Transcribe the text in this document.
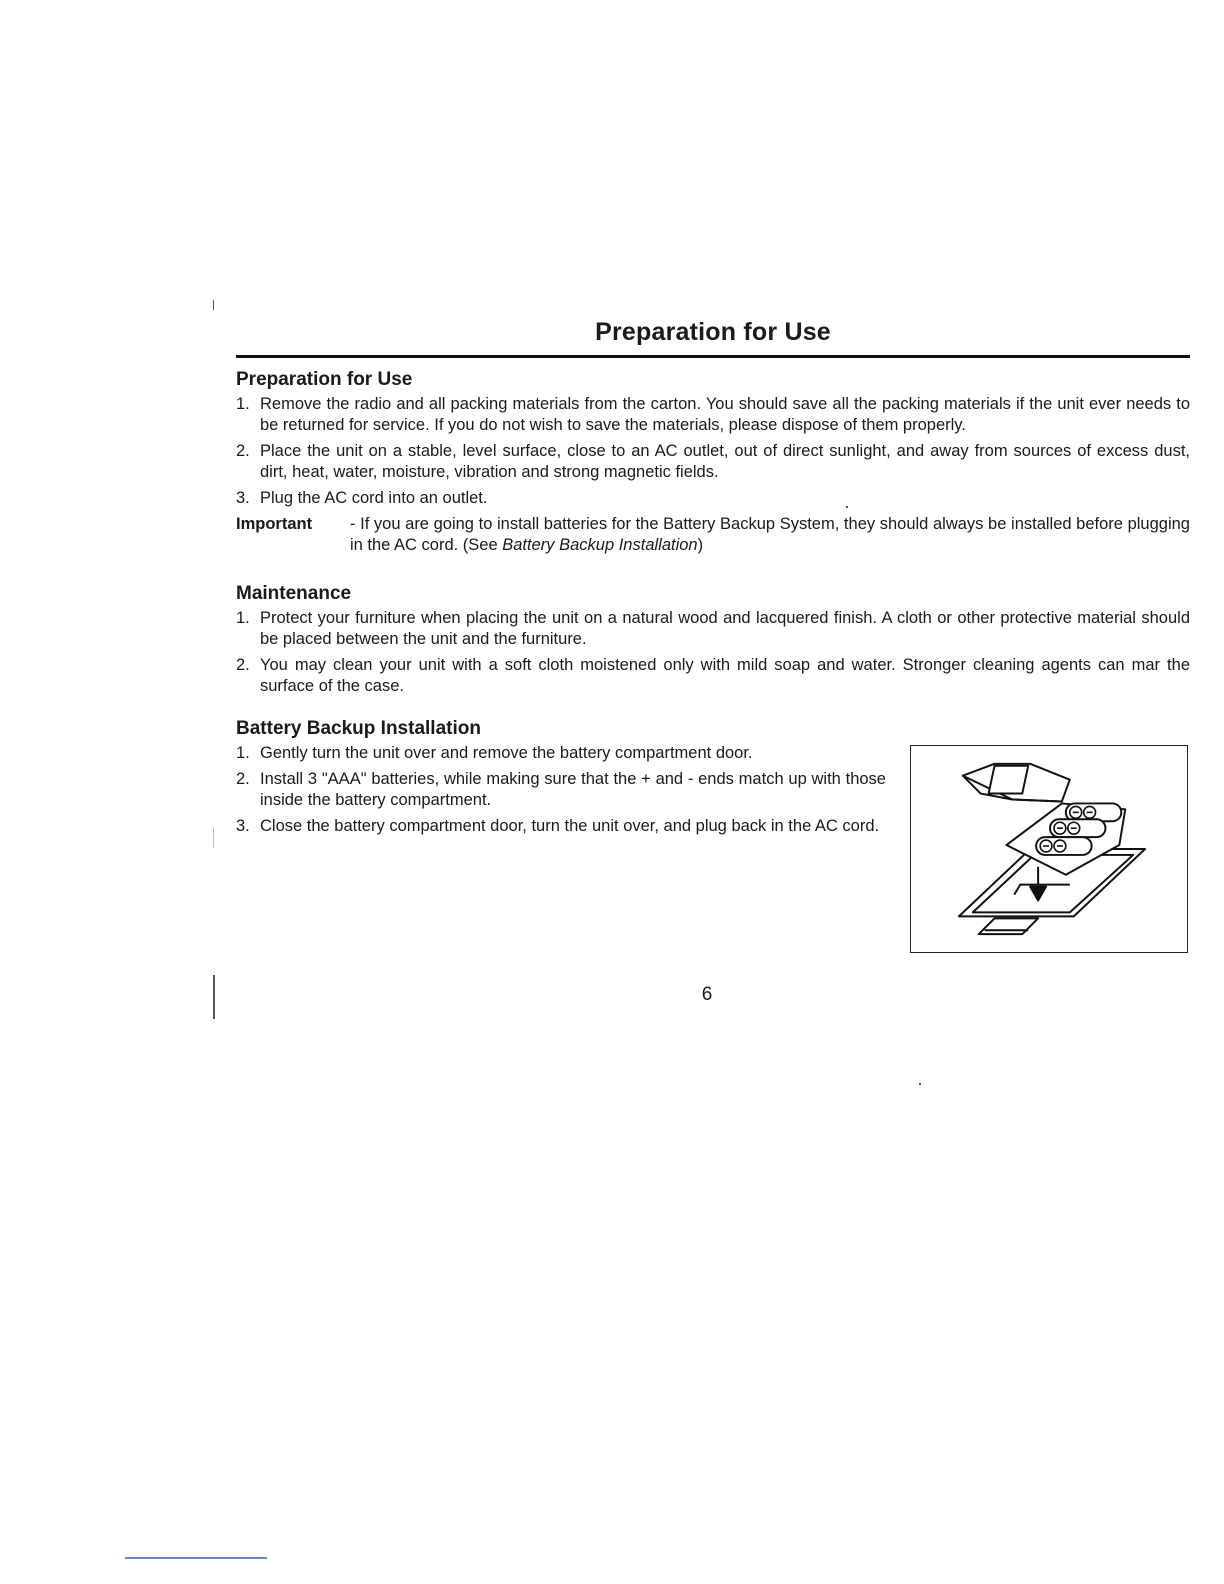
Preparation for Use
Preparation for Use
1. Remove the radio and all packing materials from the carton. You should save all the packing materials if the unit ever needs to be returned for service. If you do not wish to save the materials, please dispose of them properly.
2. Place the unit on a stable, level surface, close to an AC outlet, out of direct sunlight, and away from sources of excess dust, dirt, heat, water, moisture, vibration and strong magnetic fields.
3. Plug the AC cord into an outlet.
Important - If you are going to install batteries for the Battery Backup System, they should always be installed before plugging in the AC cord. (See Battery Backup Installation)
Maintenance
1. Protect your furniture when placing the unit on a natural wood and lacquered finish. A cloth or other protective material should be placed between the unit and the furniture.
2. You may clean your unit with a soft cloth moistened only with mild soap and water. Stronger cleaning agents can mar the surface of the case.
Battery Backup Installation
1. Gently turn the unit over and remove the battery compartment door.
2. Install 3 "AAA" batteries, while making sure that the + and - ends match up with those inside the battery compartment.
3. Close the battery compartment door, turn the unit over, and plug back in the AC cord.
6
